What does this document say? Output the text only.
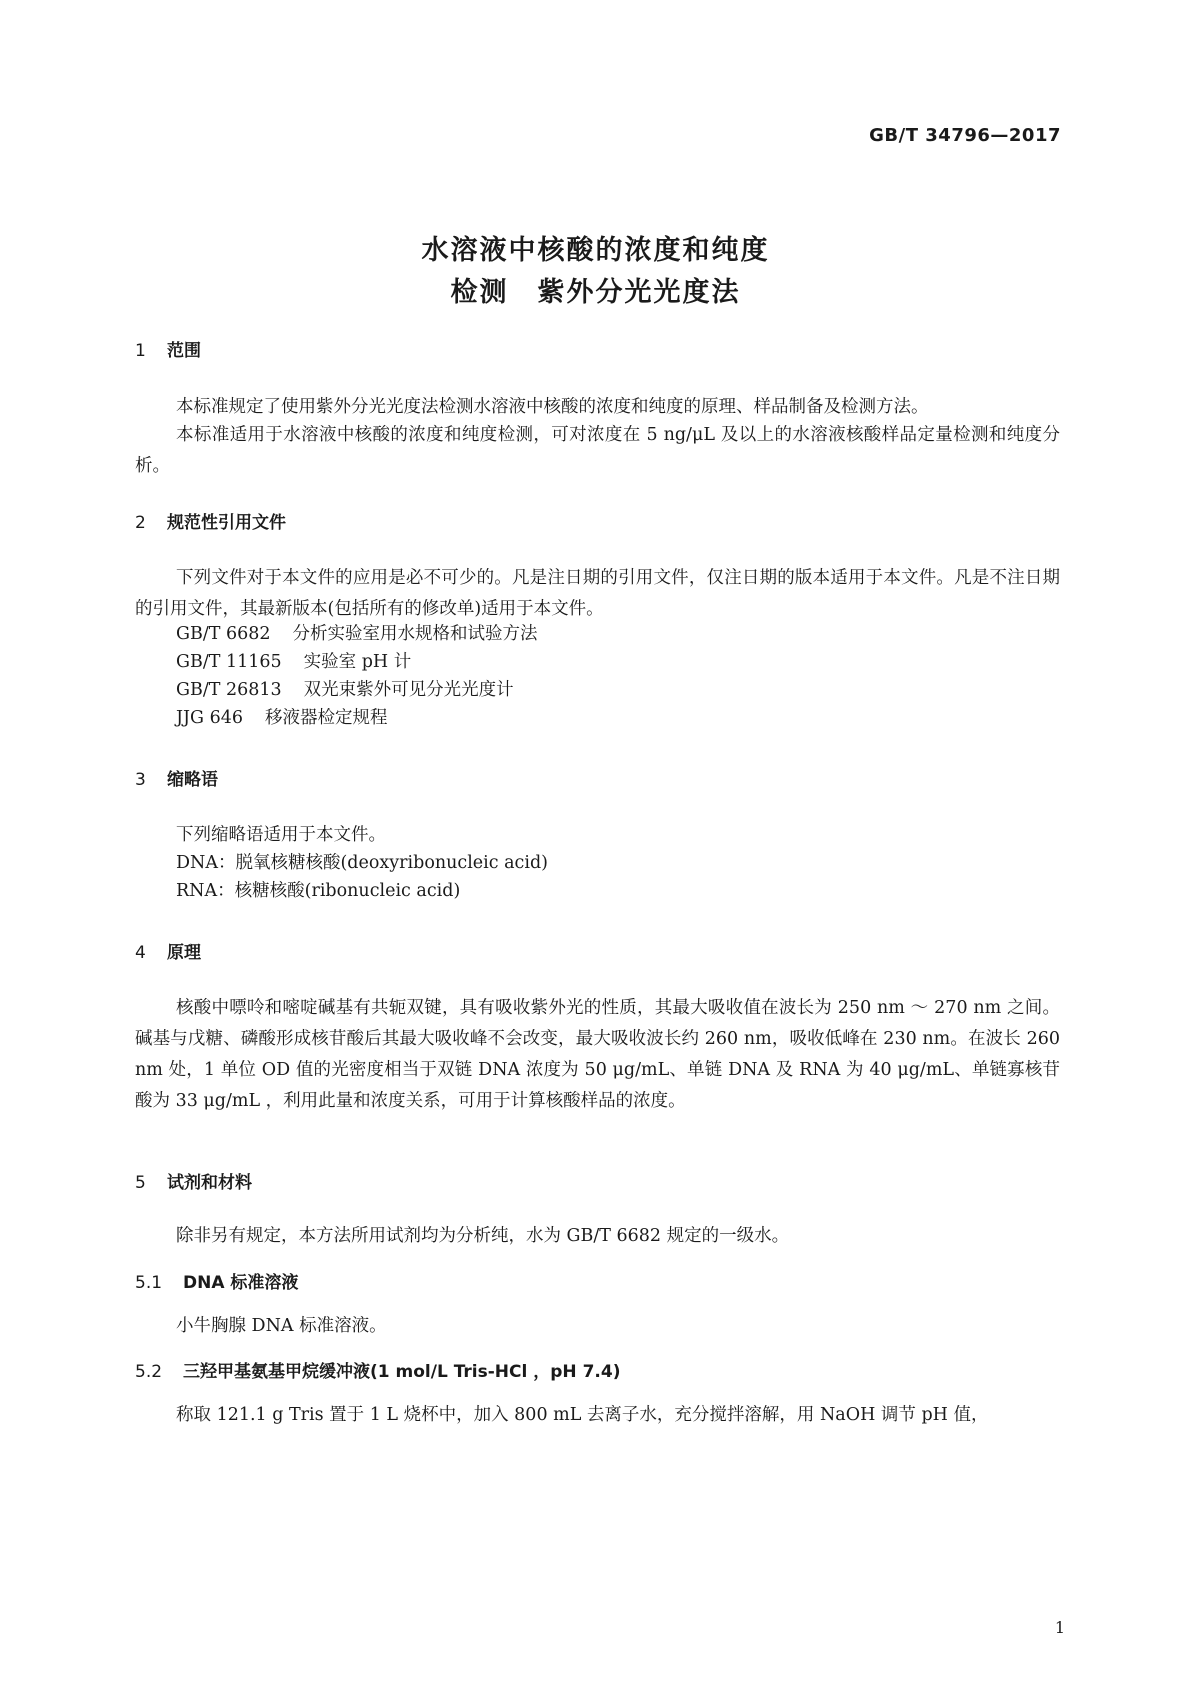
GB/T 34796—2017
水溶液中核酸的浓度和纯度
检测　紫外分光光度法
1 范围
本标准规定了使用紫外分光光度法检测水溶液中核酸的浓度和纯度的原理、样品制备及检测方法。
本标准适用于水溶液中核酸的浓度和纯度检测，可对浓度在 5 ng/μL 及以上的水溶液核酸样品定量检测和纯度分析。
2 规范性引用文件
下列文件对于本文件的应用是必不可少的。凡是注日期的引用文件，仅注日期的版本适用于本文件。凡是不注日期的引用文件，其最新版本(包括所有的修改单)适用于本文件。
GB/T 6682 分析实验室用水规格和试验方法
GB/T 11165 实验室 pH 计
GB/T 26813 双光束紫外可见分光光度计
JJG 646 移液器检定规程
3 缩略语
下列缩略语适用于本文件。
DNA：脱氧核糖核酸(deoxyribonucleic acid)
RNA：核糖核酸(ribonucleic acid)
4 原理
核酸中嘌呤和嘧啶碱基有共轭双键，具有吸收紫外光的性质，其最大吸收值在波长为 250 nm ～ 270 nm 之间。碱基与戊糖、磷酸形成核苷酸后其最大吸收峰不会改变，最大吸收波长约 260 nm，吸收低峰在 230 nm。在波长 260 nm 处，1 单位 OD 值的光密度相当于双链 DNA 浓度为 50 μg/mL、单链 DNA 及 RNA 为 40 μg/mL、单链寡核苷酸为 33 μg/mL ，利用此量和浓度关系，可用于计算核酸样品的浓度。
5 试剂和材料
除非另有规定，本方法所用试剂均为分析纯，水为 GB/T 6682 规定的一级水。
5.1 DNA 标准溶液
小牛胸腺 DNA 标准溶液。
5.2 三羟甲基氨基甲烷缓冲液(1 mol/L Tris-HCl ，pH 7.4)
称取 121.1 g Tris 置于 1 L 烧杯中，加入 800 mL 去离子水，充分搅拌溶解，用 NaOH 调节 pH 值，
1
